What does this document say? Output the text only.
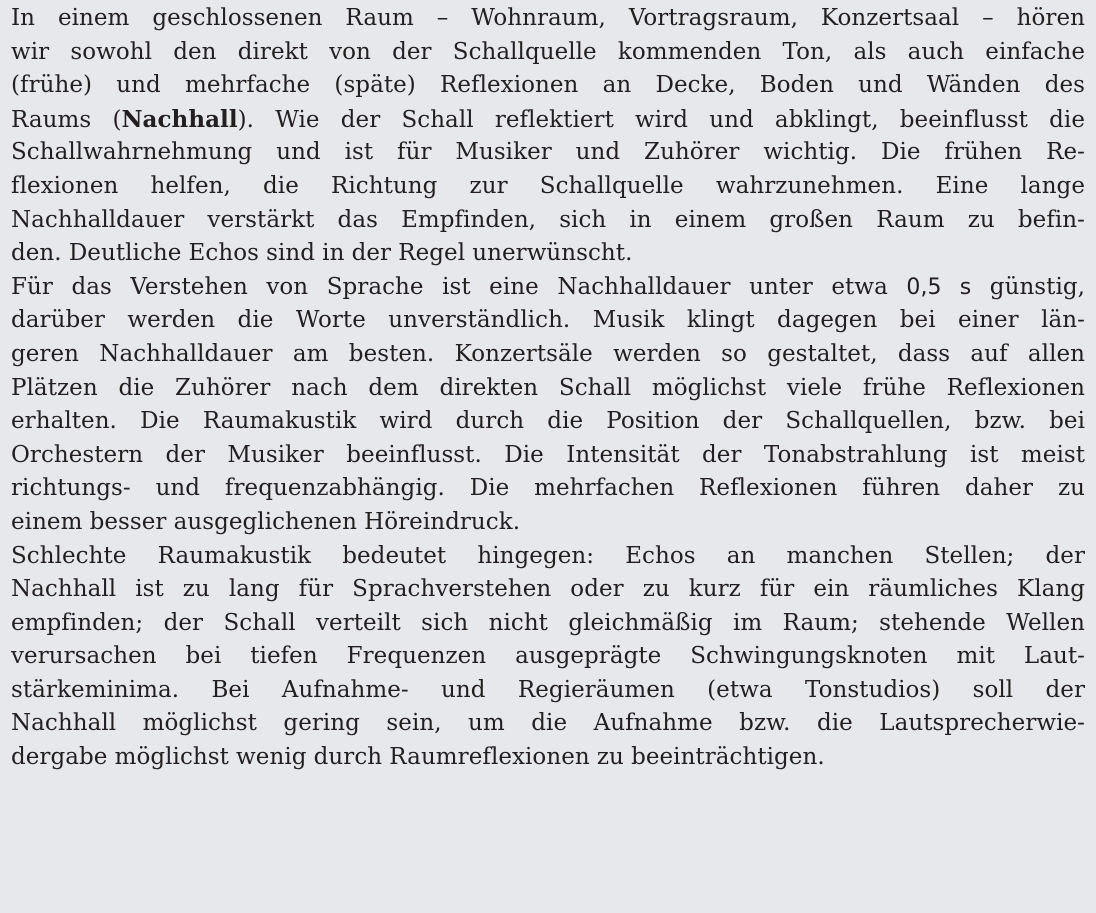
In einem geschlossenen Raum – Wohnraum, Vortragsraum, Konzertsaal – hören
wir sowohl den direkt von der Schallquelle kommenden Ton, als auch einfache
(frühe) und mehrfache (späte) Reflexionen an Decke, Boden und Wänden des
Raums (Nachhall). Wie der Schall reflektiert wird und abklingt, beeinflusst die
Schallwahrnehmung und ist für Musiker und Zuhörer wichtig. Die frühen Re-
flexionen helfen, die Richtung zur Schallquelle wahrzunehmen. Eine lange
Nachhalldauer verstärkt das Empfinden, sich in einem großen Raum zu befin-
den. Deutliche Echos sind in der Regel unerwünscht.

Für das Verstehen von Sprache ist eine Nachhalldauer unter etwa 0,5 s günstig,
darüber werden die Worte unverständlich. Musik klingt dagegen bei einer län-
geren Nachhalldauer am besten. Konzertsäle werden so gestaltet, dass auf allen
Plätzen die Zuhörer nach dem direkten Schall möglichst viele frühe Reflexionen
erhalten. Die Raumakustik wird durch die Position der Schallquellen, bzw. bei
Orchestern der Musiker beeinflusst. Die Intensität der Tonabstrahlung ist meist
richtungs- und frequenzabhängig. Die mehrfachen Reflexionen führen daher zu
einem besser ausgeglichenen Höreindruck.

Schlechte Raumakustik bedeutet hingegen: Echos an manchen Stellen; der
Nachhall ist zu lang für Sprachverstehen oder zu kurz für ein räumliches Klang
empfinden; der Schall verteilt sich nicht gleichmäßig im Raum; stehende Wellen
verursachen bei tiefen Frequenzen ausgeprägte Schwingungsknoten mit Laut-
stärkeminima. Bei Aufnahme- und Regieräumen (etwa Tonstudios) soll der
Nachhall möglichst gering sein, um die Aufnahme bzw. die Lautsprecherwie-
dergabe möglichst wenig durch Raumreflexionen zu beeinträchtigen.
